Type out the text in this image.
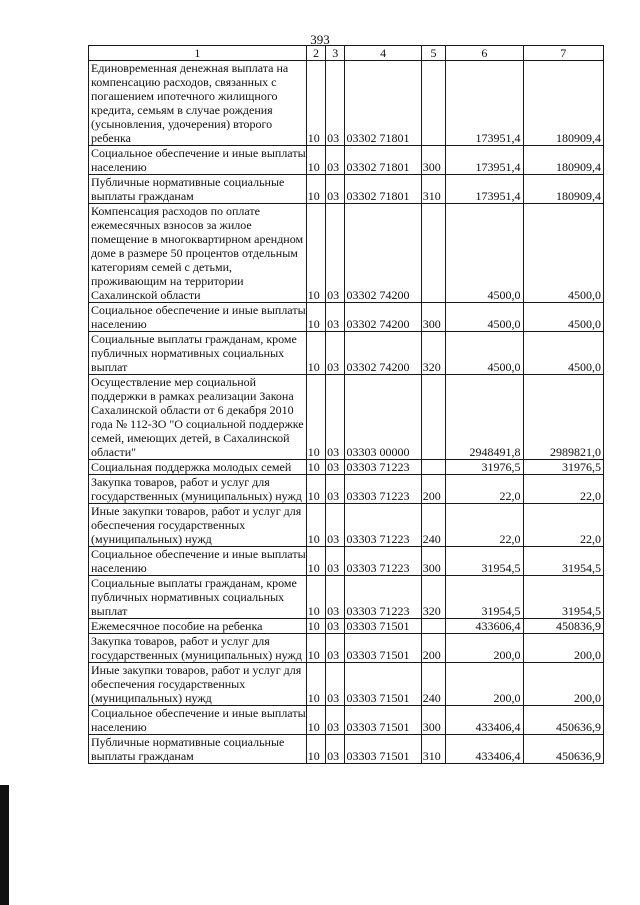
393
1	2	3	4	5	6	7
Единовременная денежная выплата на компенсацию расходов, связанных с погашением ипотечного жилищного кредита, семьям в случае рождения (усыновления, удочерения) второго ребенка	10	03	03302 71801		173951,4	180909,4
Социальное обеспечение и иные выплаты населению	10	03	03302 71801	300	173951,4	180909,4
Публичные нормативные социальные выплаты гражданам	10	03	03302 71801	310	173951,4	180909,4
Компенсация расходов по оплате ежемесячных взносов за жилое помещение в многоквартирном арендном доме в размере 50 процентов отдельным категориям семей с детьми, проживающим на территории Сахалинской области	10	03	03302 74200		4500,0	4500,0
Социальное обеспечение и иные выплаты населению	10	03	03302 74200	300	4500,0	4500,0
Социальные выплаты гражданам, кроме публичных нормативных социальных выплат	10	03	03302 74200	320	4500,0	4500,0
Осуществление мер социальной поддержки в рамках реализации Закона Сахалинской области от 6 декабря 2010 года № 112-ЗО "О социальной поддержке семей, имеющих детей, в Сахалинской области"	10	03	03303 00000		2948491,8	2989821,0
Социальная поддержка молодых семей	10	03	03303 71223		31976,5	31976,5
Закупка товаров, работ и услуг для государственных (муниципальных) нужд	10	03	03303 71223	200	22,0	22,0
Иные закупки товаров, работ и услуг для обеспечения государственных (муниципальных) нужд	10	03	03303 71223	240	22,0	22,0
Социальное обеспечение и иные выплаты населению	10	03	03303 71223	300	31954,5	31954,5
Социальные выплаты гражданам, кроме публичных нормативных социальных выплат	10	03	03303 71223	320	31954,5	31954,5
Ежемесячное пособие на ребенка	10	03	03303 71501		433606,4	450836,9
Закупка товаров, работ и услуг для государственных (муниципальных) нужд	10	03	03303 71501	200	200,0	200,0
Иные закупки товаров, работ и услуг для обеспечения государственных (муниципальных) нужд	10	03	03303 71501	240	200,0	200,0
Социальное обеспечение и иные выплаты населению	10	03	03303 71501	300	433406,4	450636,9
Публичные нормативные социальные выплаты гражданам	10	03	03303 71501	310	433406,4	450636,9
